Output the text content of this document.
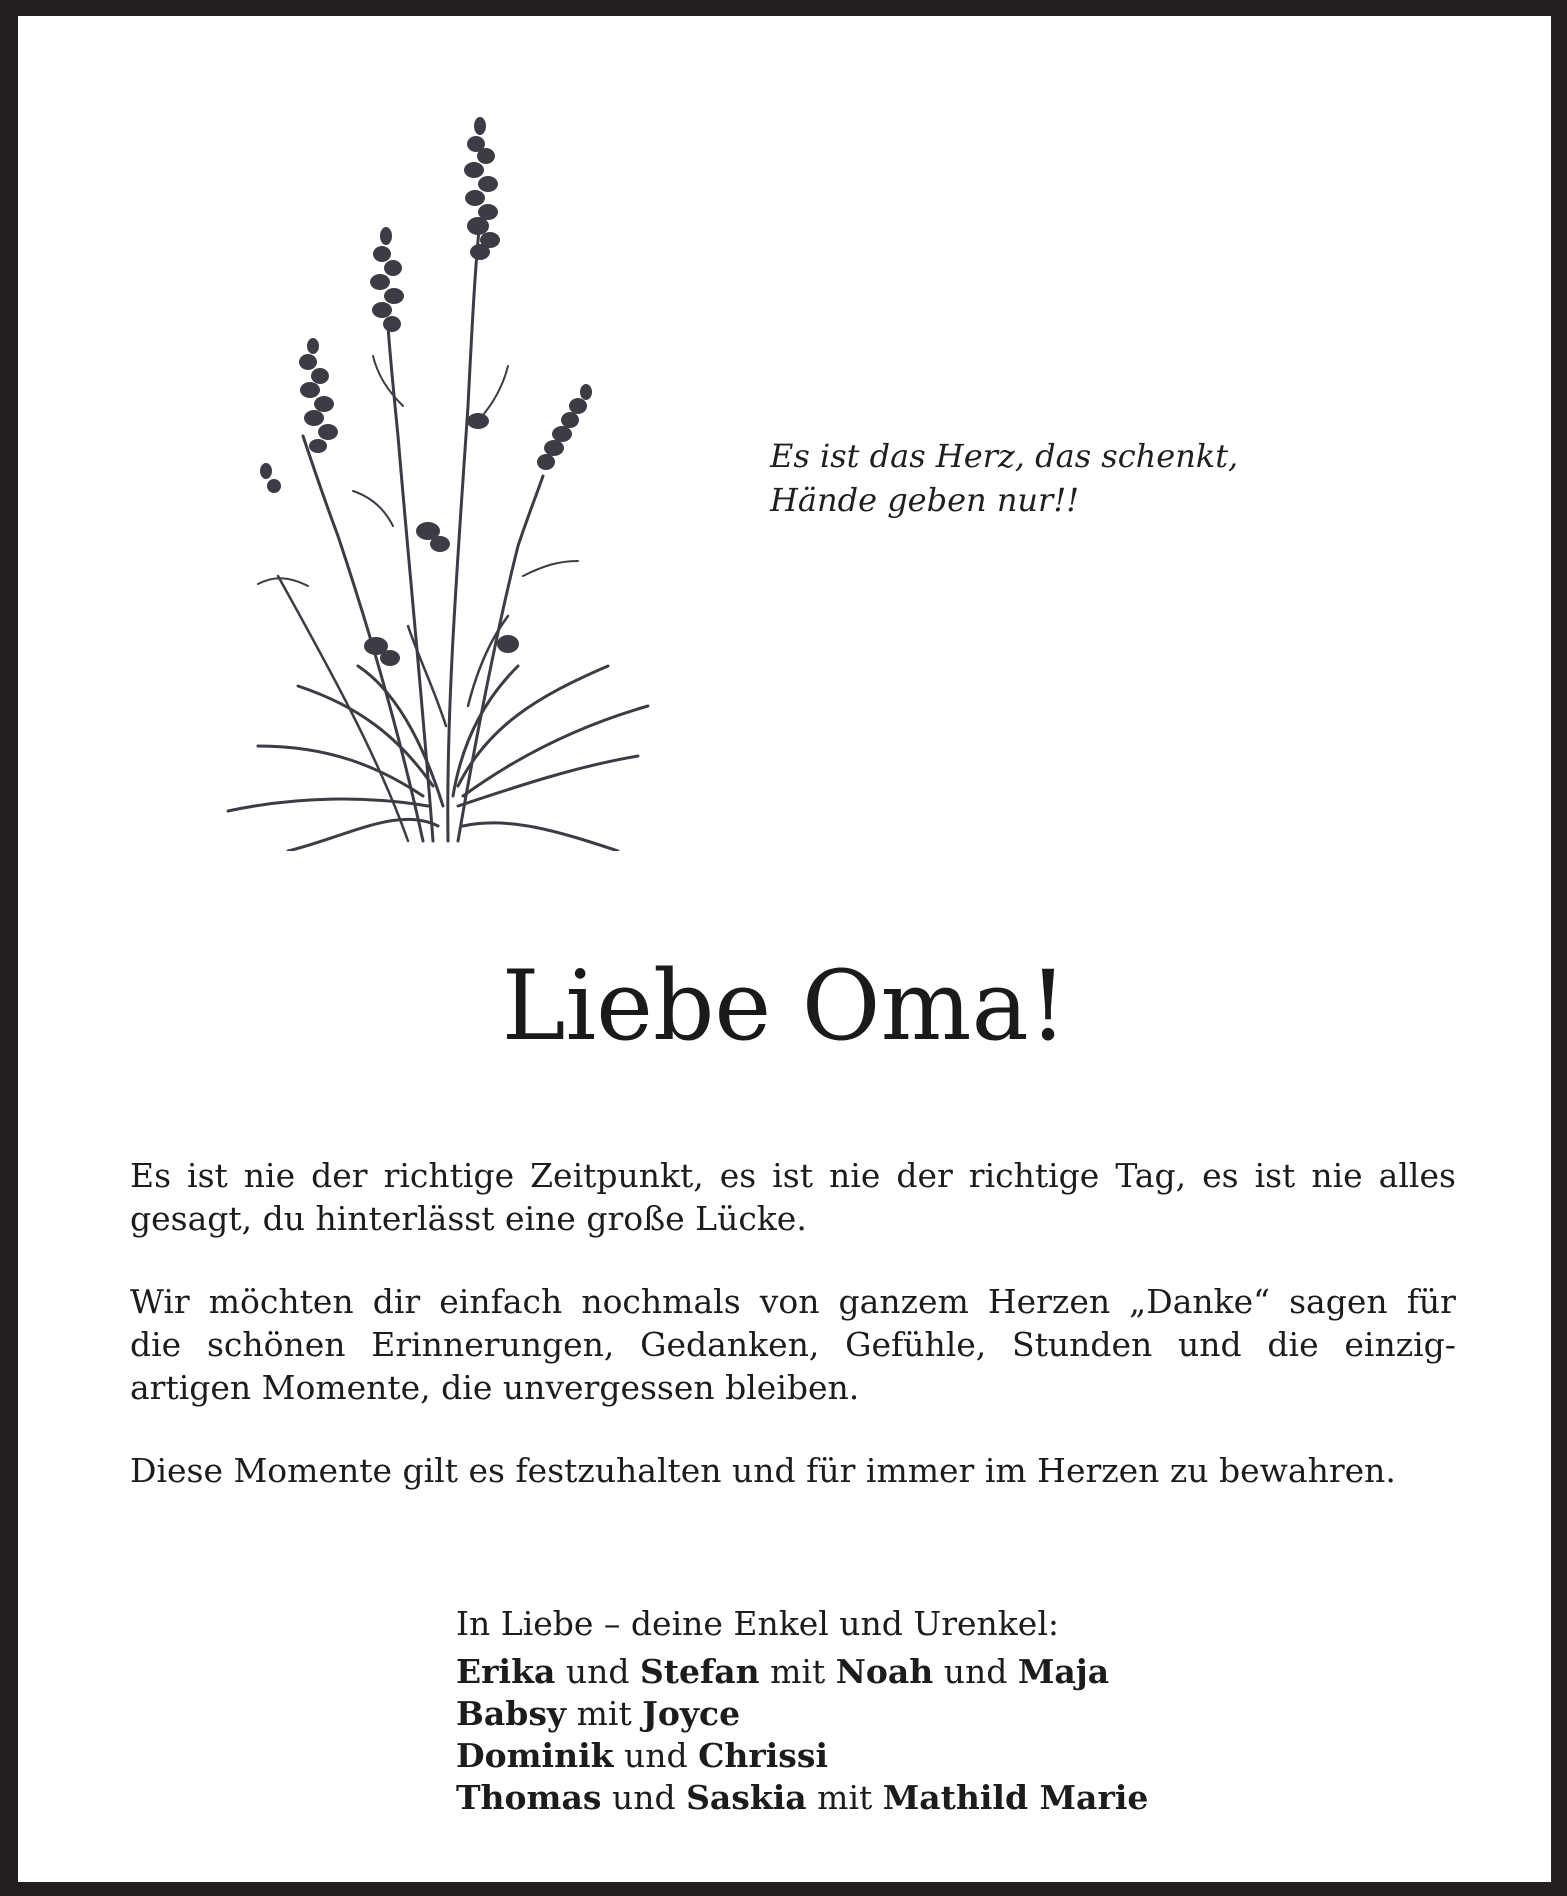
Es ist das Herz, das schenkt,
Hände geben nur!!
Liebe Oma!

Es ist nie der richtige Zeitpunkt, es ist nie der richtige Tag, es ist nie alles
gesagt, du hinterlässt eine große Lücke.

Wir möchten dir einfach nochmals von ganzem Herzen „Danke“ sagen für
die schönen Erinnerungen, Gedanken, Gefühle, Stunden und die einzig-
artigen Momente, die unvergessen bleiben.

Diese Momente gilt es festzuhalten und für immer im Herzen zu bewahren.

In Liebe – deine Enkel und Urenkel:
Erika und Stefan mit Noah und Maja
Babsy mit Joyce
Dominik und Chrissi
Thomas und Saskia mit Mathild Marie
